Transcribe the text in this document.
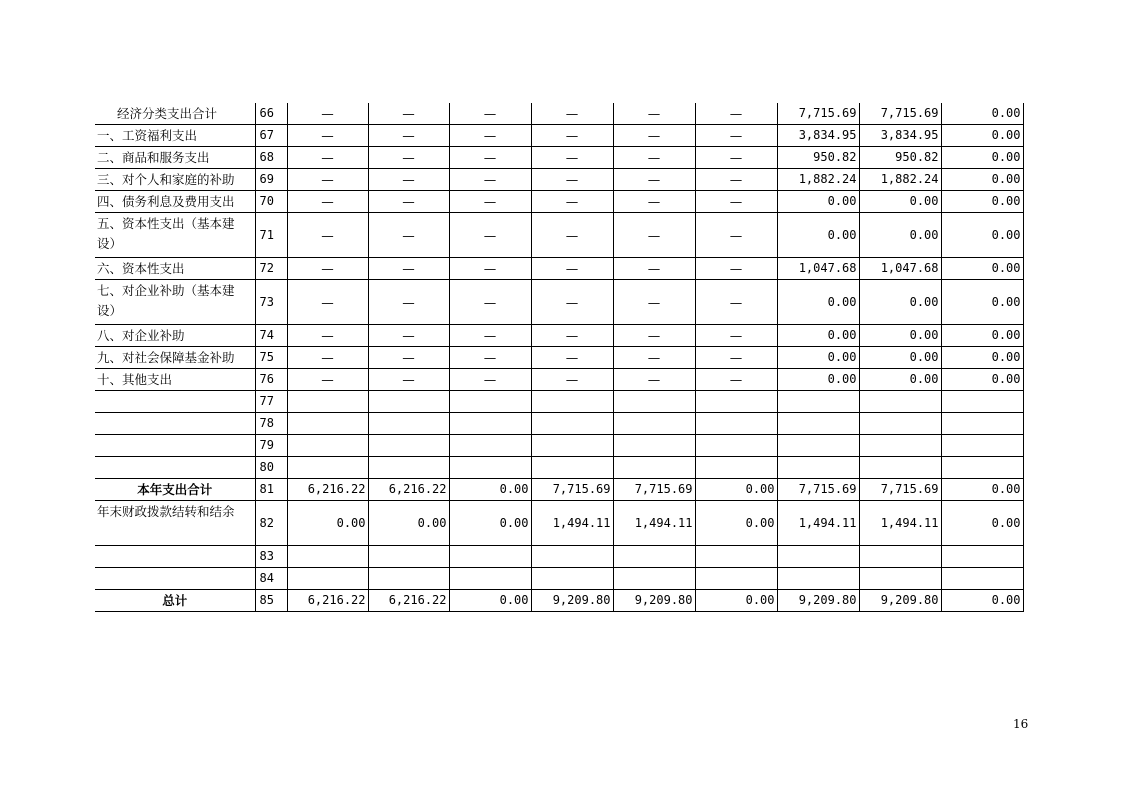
经济分类支出合计	66	—	—	—	—	—	—	7,715.69	7,715.69	0.00
一、工资福利支出	67	—	—	—	—	—	—	3,834.95	3,834.95	0.00
二、商品和服务支出	68	—	—	—	—	—	—	950.82	950.82	0.00
三、对个人和家庭的补助	69	—	—	—	—	—	—	1,882.24	1,882.24	0.00
四、债务利息及费用支出	70	—	—	—	—	—	—	0.00	0.00	0.00
五、资本性支出（基本建设）	71	—	—	—	—	—	—	0.00	0.00	0.00
六、资本性支出	72	—	—	—	—	—	—	1,047.68	1,047.68	0.00
七、对企业补助（基本建设）	73	—	—	—	—	—	—	0.00	0.00	0.00
八、对企业补助	74	—	—	—	—	—	—	0.00	0.00	0.00
九、对社会保障基金补助	75	—	—	—	—	—	—	0.00	0.00	0.00
十、其他支出	76	—	—	—	—	—	—	0.00	0.00	0.00
	77									
	78									
	79									
	80									
本年支出合计	81	6,216.22	6,216.22	0.00	7,715.69	7,715.69	0.00	7,715.69	7,715.69	0.00
年末财政拨款结转和结余	82	0.00	0.00	0.00	1,494.11	1,494.11	0.00	1,494.11	1,494.11	0.00
	83									
	84									
总计	85	6,216.22	6,216.22	0.00	9,209.80	9,209.80	0.00	9,209.80	9,209.80	0.00
16
